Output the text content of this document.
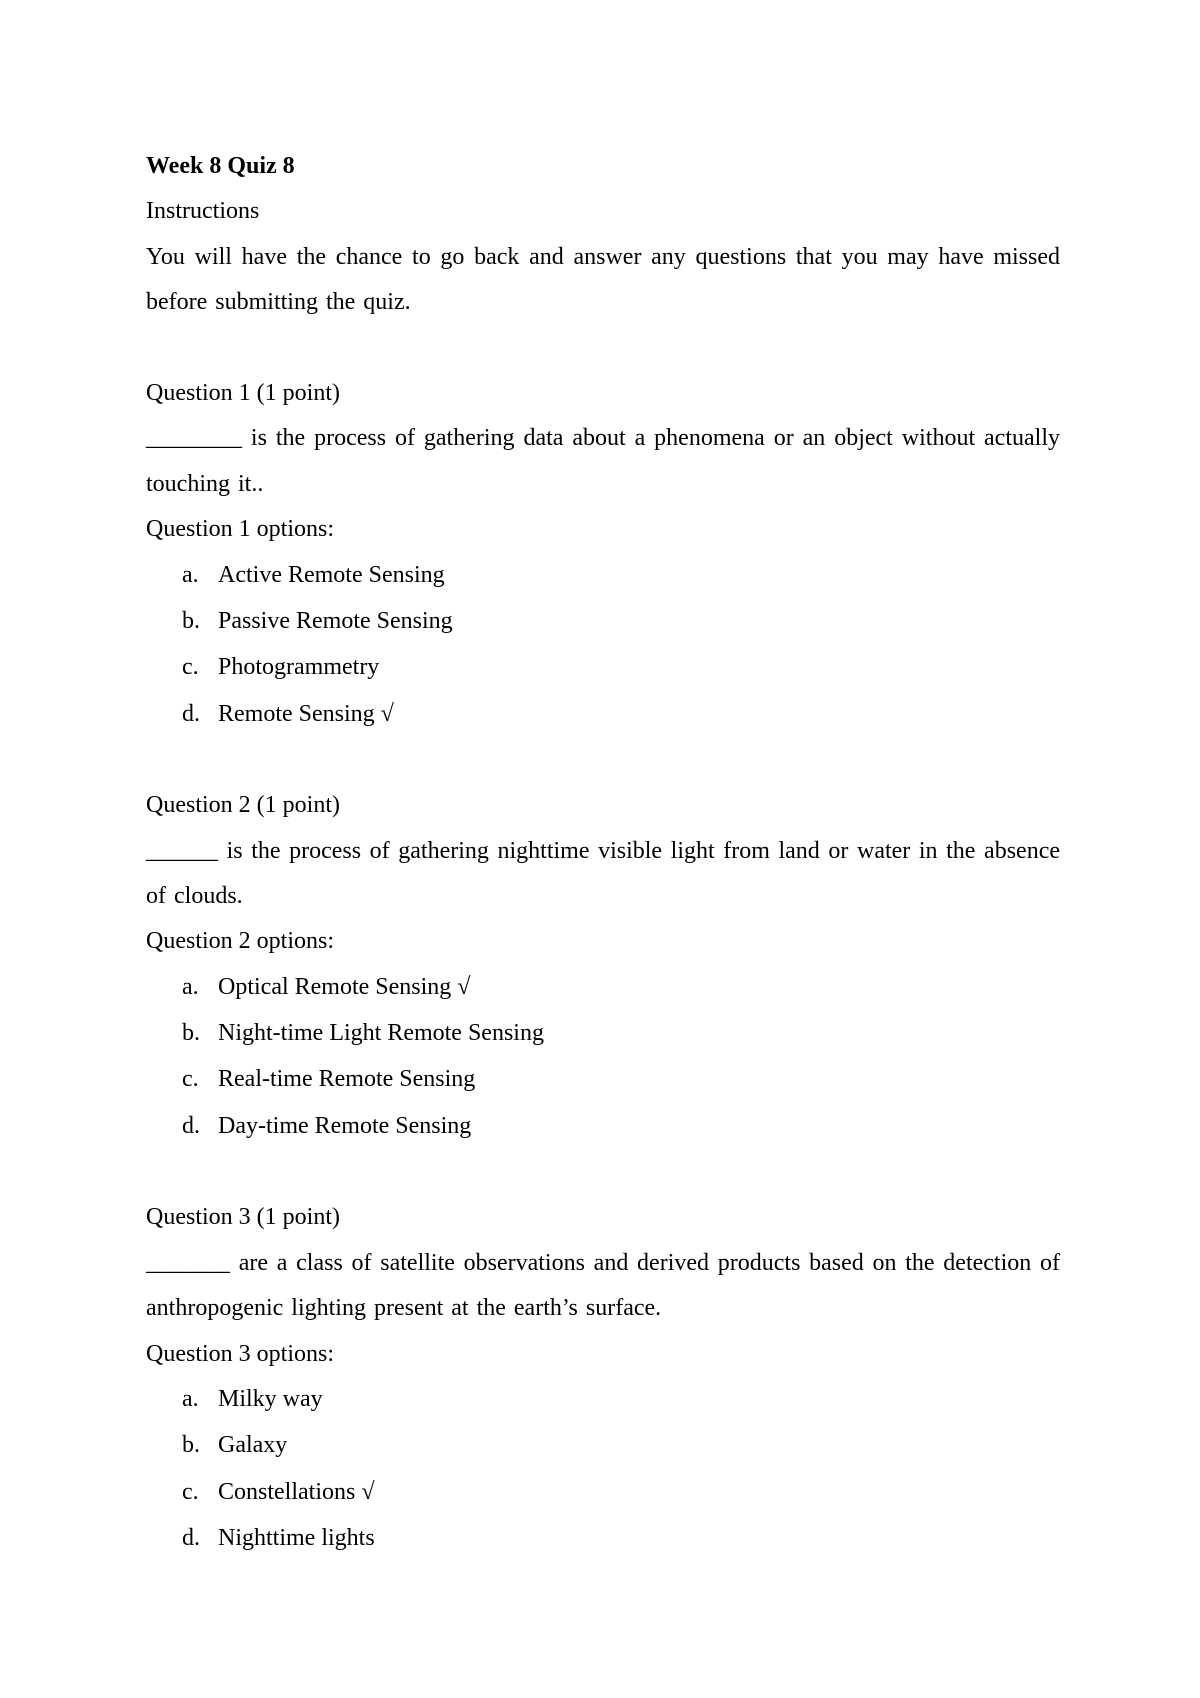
Week 8 Quiz 8

Instructions

You will have the chance to go back and answer any questions that you may have missed before submitting the quiz.

Question 1 (1 point)

________ is the process of gathering data about a phenomena or an object without actually touching it..

Question 1 options:

a. Active Remote Sensing
b. Passive Remote Sensing
c. Photogrammetry
d. Remote Sensing √

Question 2 (1 point)

______ is the process of gathering nighttime visible light from land or water in the absence of clouds.

Question 2 options:

a. Optical Remote Sensing √
b. Night-time Light Remote Sensing
c. Real-time Remote Sensing
d. Day-time Remote Sensing

Question 3 (1 point)

_______ are a class of satellite observations and derived products based on the detection of anthropogenic lighting present at the earth’s surface.

Question 3 options:

a. Milky way
b. Galaxy
c. Constellations √
d. Nighttime lights
